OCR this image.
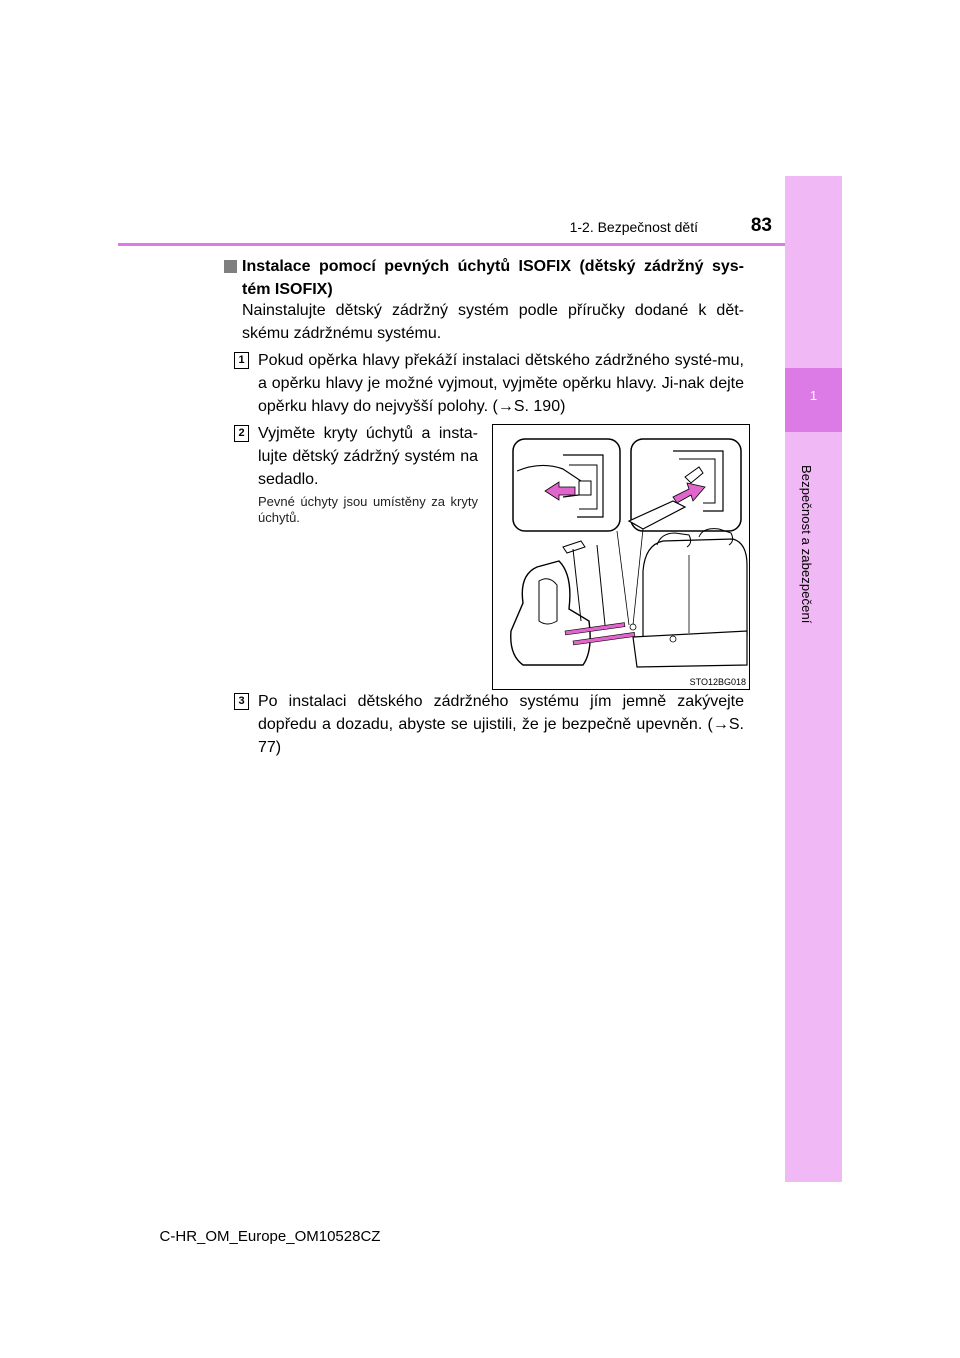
1
Bezpečnost a zabezpečení
1-2. Bezpečnost dětí	83
Instalace pomocí pevných úchytů ISOFIX (dětský zádržný sys-tém ISOFIX)
Nainstalujte dětský zádržný systém podle příručky dodané k dět-skému zádržnému systému.
1 Pokud opěrka hlavy překáží instalaci dětského zádržného systé-mu, a opěrku hlavy je možné vyjmout, vyjměte opěrku hlavy. Ji-nak dejte opěrku hlavy do nejvyšší polohy. (→S. 190)
2 Vyjměte kryty úchytů a insta-lujte dětský zádržný systém na sedadlo.
Pevné úchyty jsou umístěny za kryty úchytů.
STO12BG018
3 Po instalaci dětského zádržného systému jím jemně zakývejte dopředu a dozadu, abyste se ujistili, že je bezpečně upevněn. (→S. 77)
C-HR_OM_Europe_OM10528CZ
